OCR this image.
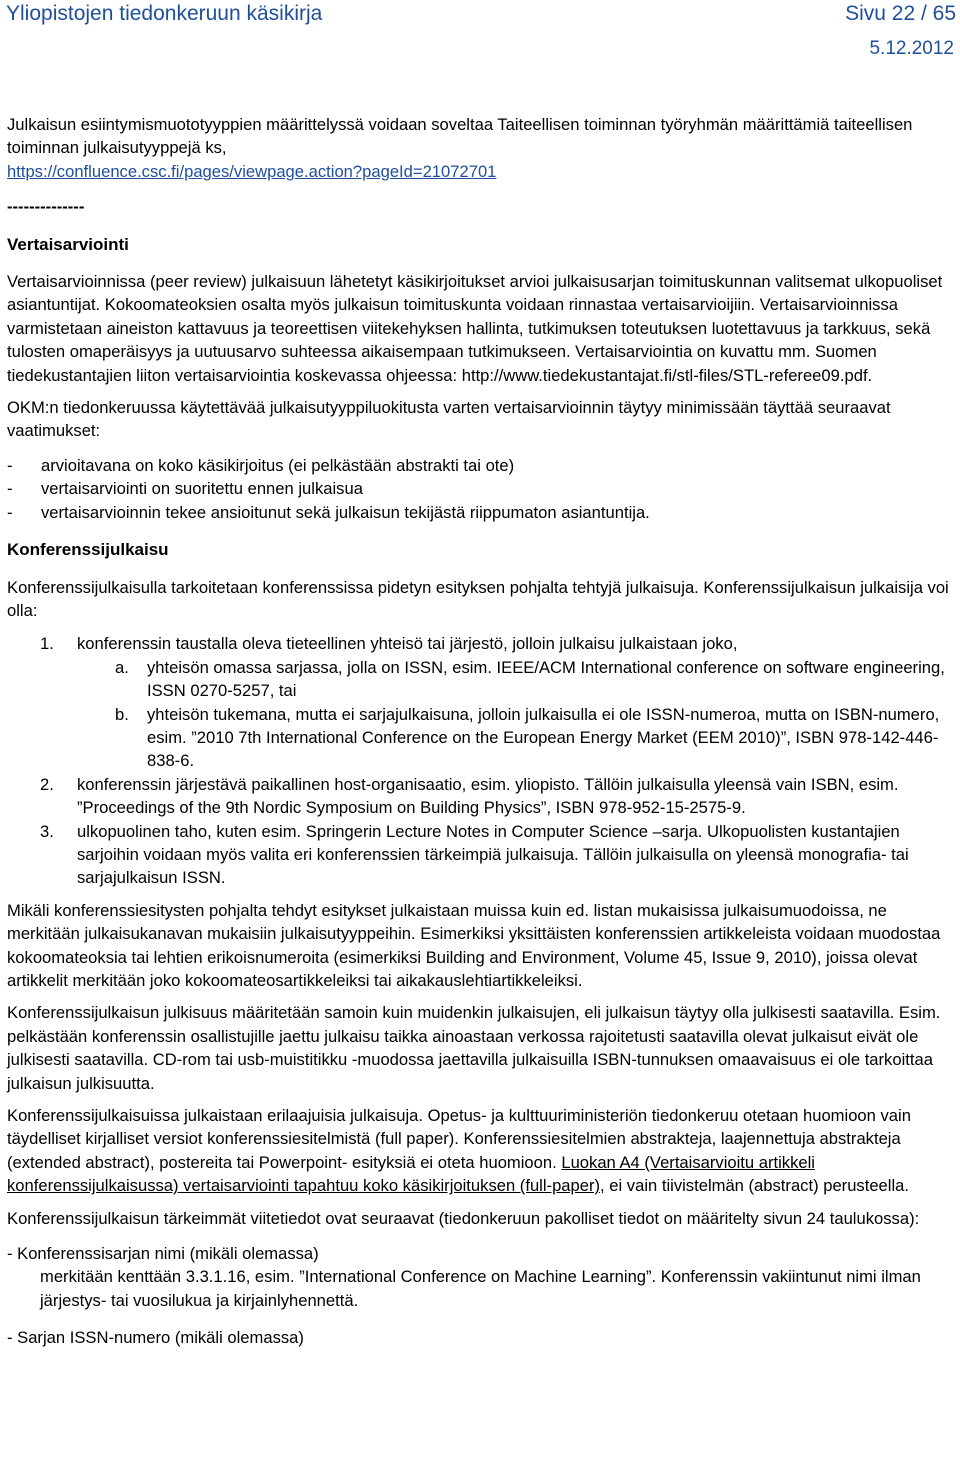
Yliopistojen tiedonkeruun käsikirja	Sivu 22 / 65
5.12.2012

Julkaisun esiintymismuototyyppien määrittelyssä voidaan soveltaa Taiteellisen toiminnan työryhmän määrittämiä taiteellisen toiminnan julkaisutyyppejä ks,
https://confluence.csc.fi/pages/viewpage.action?pageId=21072701

--------------

Vertaisarviointi

Vertaisarvioinnissa (peer review) julkaisuun lähetetyt käsikirjoitukset arvioi julkaisusarjan toimituskunnan valitsemat ulkopuoliset asiantuntijat. Kokoomateoksien osalta myös julkaisun toimituskunta voidaan rinnastaa vertaisarvioijiin. Vertaisarvioinnissa varmistetaan aineiston kattavuus ja teoreettisen viitekehyksen hallinta, tutkimuksen toteutuksen luotettavuus ja tarkkuus, sekä tulosten omaperäisyys ja uutuusarvo suhteessa aikaisempaan tutkimukseen. Vertaisarviointia on kuvattu mm. Suomen tiedekustantajien liiton vertaisarviointia koskevassa ohjeessa: http://www.tiedekustantajat.fi/stl-files/STL-referee09.pdf.

OKM:n tiedonkeruussa käytettävää julkaisutyyppiluokitusta varten vertaisarvioinnin täytyy minimissään täyttää seuraavat vaatimukset:

- arvioitavana on koko käsikirjoitus (ei pelkästään abstrakti tai ote)
- vertaisarviointi on suoritettu ennen julkaisua
- vertaisarvioinnin tekee ansioitunut sekä julkaisun tekijästä riippumaton asiantuntija.

Konferenssijulkaisu

Konferenssijulkaisulla tarkoitetaan konferenssissa pidetyn esityksen pohjalta tehtyjä julkaisuja. Konferenssijulkaisun julkaisija voi olla:

1. konferenssin taustalla oleva tieteellinen yhteisö tai järjestö, jolloin julkaisu julkaistaan joko,
a. yhteisön omassa sarjassa, jolla on ISSN, esim. IEEE/ACM International conference on software engineering, ISSN 0270-5257, tai
b. yhteisön tukemana, mutta ei sarjajulkaisuna, jolloin julkaisulla ei ole ISSN-numeroa, mutta on ISBN-numero, esim. ”2010 7th International Conference on the European Energy Market (EEM 2010)”, ISBN 978-142-446-838-6.
2. konferenssin järjestävä paikallinen host-organisaatio, esim. yliopisto. Tällöin julkaisulla yleensä vain ISBN, esim. ”Proceedings of the 9th Nordic Symposium on Building Physics”, ISBN 978-952-15-2575-9.
3. ulkopuolinen taho, kuten esim. Springerin Lecture Notes in Computer Science –sarja. Ulkopuolisten kustantajien sarjoihin voidaan myös valita eri konferenssien tärkeimpiä julkaisuja. Tällöin julkaisulla on yleensä monografia- tai sarjajulkaisun ISSN.

Mikäli konferenssiesitysten pohjalta tehdyt esitykset julkaistaan muissa kuin ed. listan mukaisissa julkaisumuodoissa, ne merkitään julkaisukanavan mukaisiin julkaisutyyppeihin. Esimerkiksi yksittäisten konferenssien artikkeleista voidaan muodostaa kokoomateoksia tai lehtien erikoisnumeroita (esimerkiksi Building and Environment, Volume 45, Issue 9, 2010), joissa olevat artikkelit merkitään joko kokoomateosartikkeleiksi tai aikakauslehtiartikkeleiksi.

Konferenssijulkaisun julkisuus määritetään samoin kuin muidenkin julkaisujen, eli julkaisun täytyy olla julkisesti saatavilla. Esim. pelkästään konferenssin osallistujille jaettu julkaisu taikka ainoastaan verkossa rajoitetusti saatavilla olevat julkaisut eivät ole julkisesti saatavilla. CD-rom tai usb-muistitikku -muodossa jaettavilla julkaisuilla ISBN-tunnuksen omaavaisuus ei ole tarkoittaa julkaisun julkisuutta.

Konferenssijulkaisuissa julkaistaan erilaajuisia julkaisuja. Opetus- ja kulttuuriministeriön tiedonkeruu otetaan huomioon vain täydelliset kirjalliset versiot konferenssiesitelmistä (full paper). Konferenssiesitelmien abstrakteja, laajennettuja abstrakteja (extended abstract), postereita tai Powerpoint- esityksiä ei oteta huomioon. Luokan A4 (Vertaisarvioitu artikkeli konferenssijulkaisussa) vertaisarviointi tapahtuu koko käsikirjoituksen (full-paper), ei vain tiivistelmän (abstract) perusteella.

Konferenssijulkaisun tärkeimmät viitetiedot ovat seuraavat (tiedonkeruun pakolliset tiedot on määritelty sivun 24 taulukossa):

- Konferenssisarjan nimi (mikäli olemassa)

merkitään kenttään 3.3.1.16, esim. ”International Conference on Machine Learning”. Konferenssin vakiintunut nimi ilman järjestys- tai vuosilukua ja kirjainlyhennettä.

- Sarjan ISSN-numero (mikäli olemassa)
